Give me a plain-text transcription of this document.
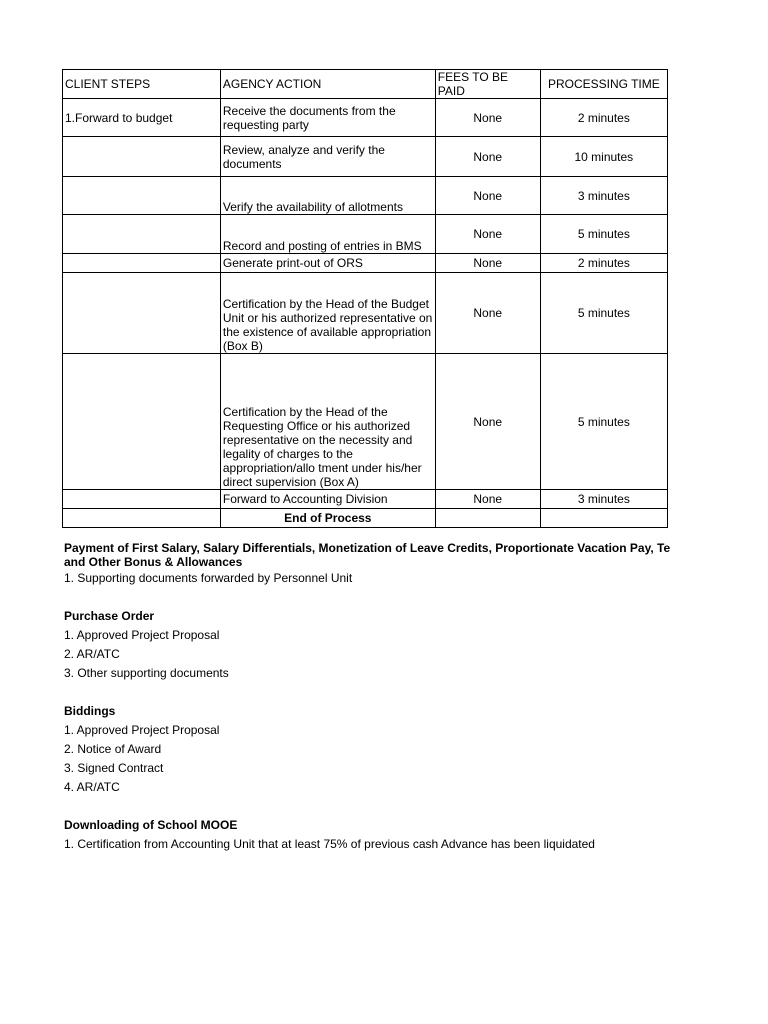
CLIENT STEPS	AGENCY ACTION	FEES TO BE PAID	PROCESSING TIME
1.Forward to budget	Receive the documents from the requesting party	None	2 minutes
	Review, analyze and verify the documents	None	10 minutes
	Verify the availability of allotments	None	3 minutes
	Record and posting of entries in BMS	None	5 minutes
	Generate print-out of ORS	None	2 minutes
	Certification by the Head of the Budget Unit or his authorized representative on the existence of available appropriation (Box B)	None	5 minutes
	Certification by the Head of the Requesting Office or his authorized representative on the necessity and legality of charges to the appropriation/allo tment under his/her direct supervision (Box A)	None	5 minutes
	Forward to Accounting Division	None	3 minutes
	End of Process		
Payment of First Salary, Salary Differentials, Monetization of Leave Credits, Proportionate Vacation Pay, Te
and Other Bonus & Allowances
1. Supporting documents forwarded by Personnel Unit
Purchase Order
1. Approved Project Proposal
2. AR/ATC
3. Other supporting documents
Biddings
1. Approved Project Proposal
2. Notice of Award
3. Signed Contract
4. AR/ATC
Downloading of School MOOE
1. Certification from Accounting Unit that at least 75% of previous cash Advance has been liquidated
